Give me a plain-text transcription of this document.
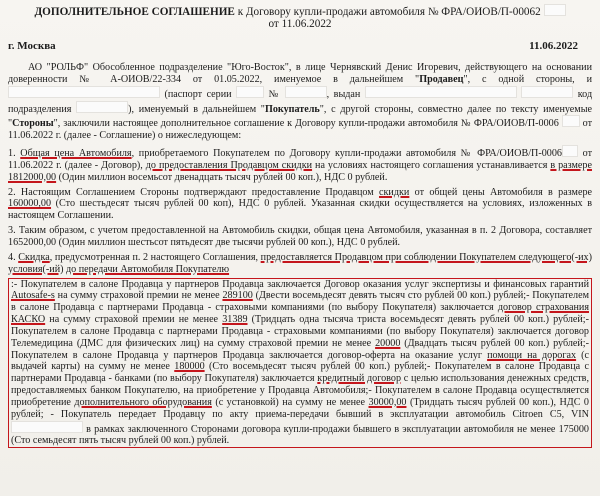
ДОПОЛНИТЕЛЬНОЕ СОГЛАШЕНИЕ к Договору купли-продажи автомобиля № ФРА/ОИОВ/П-00062  от 11.06.2022

г. Москва	11.06.2022

АО "РОЛЬФ" Обособленное подразделение "Юго-Восток", в лице Чернявский Денис Игоревич, действующего на основании доверенности № А-ОИОВ/22-334 от 01.05.2022, именуемое в дальнейшем "Продавец", с одной стороны, и  (паспорт серии	№	, выдан	код подразделения	), именуемый в дальнейшем "Покупатель", с другой стороны, совместно далее по тексту именуемые "Стороны", заключили настоящее дополнительное соглашение к Договору купли-продажи автомобиля № ФРА/ОИОВ/П-0006 от 11.06.2022 г. (далее - Соглашение) о нижеследующем:

1. Общая цена Автомобиля, приобретаемого Покупателем по Договору купли-продажи автомобиля № ФРА/ОИОВ/П-0006 от 11.06.2022 г. (далее - Договор), до предоставления Продавцом скидки на условиях настоящего соглашения устанавливается в размере 1812000,00 (Один миллион восемьсот двенадцать тысяч рублей 00 коп.), НДС 0 рублей.

2. Настоящим Соглашением Стороны подтверждают предоставление Продавцом скидки от общей цены Автомобиля в размере 160000,00 (Сто шестьдесят тысяч рублей 00 коп), НДС 0 рублей. Указанная скидки осуществляется на условиях, изложенных в настоящем Соглашении.

3. Таким образом, с учетом предоставленной на Автомобиль скидки, общая цена Автомобиля, указанная в п. 2 Договора, составляет 1652000,00 (Один миллион шестьсот пятьдесят две тысячи рублей 00 коп.), НДС 0 рублей.

4. Скидка, предусмотренная п. 2 настоящего Соглашения, предоставляется Продавцом при соблюдении Покупателем следующего(-их) условия(-ий) до передачи Автомобиля Покупателю

:- Покупателем в салоне Продавца у партнеров Продавца заключается Договор оказания услуг экспертизы и финансовых гарантий Autosafe-s на сумму страховой премии не менее 289100 (Двести восемьдесят девять тысяч сто рублей 00 коп.) рублей;- Покупателем в салоне Продавца с партнерами Продавца - страховыми компаниями (по выбору Покупателя) заключается договор страхования КАСКО на сумму страховой премии не менее 31389 (Тридцать одна тысяча триста восемьдесят девять рублей 00 коп.) рублей;- Покупателем в салоне Продавца с партнерами Продавца - страховыми компаниями (по выбору Покупателя) заключается договор Телемедицина (ДМС для физических лиц) на сумму страховой премии не менее 20000 (Двадцать тысяч рублей 00 коп.) рублей;- Покупателем в салоне Продавца у партнеров Продавца заключается договор-оферта на оказание услуг помощи на дорогах (с выдачей карты) на сумму не менее 180000 (Сто восемьдесят тысяч рублей 00 коп.) рублей;- Покупателем в салоне Продавца с партнерами Продавца - банками (по выбору Покупателя) заключается кредитный договор с целью использования денежных средств, предоставляемых банком Покупателю, на приобретение у Продавца Автомобиля;- Покупателем в салоне Продавца осуществляется приобретение дополнительного оборудования (с установкой) на сумму не менее 30000,00 (Тридцать тысяч рублей 00 коп.), НДС 0 рублей; - Покупатель передает Продавцу по акту приема-передачи бывший в эксплуатации автомобиль Citroen C5, VIN  в рамках заключенного Сторонами договора купли-продажи бывшего в эксплуатации автомобиля не менее 175000 (Сто семьдесят пять тысяч рублей 00 коп.) рублей.
